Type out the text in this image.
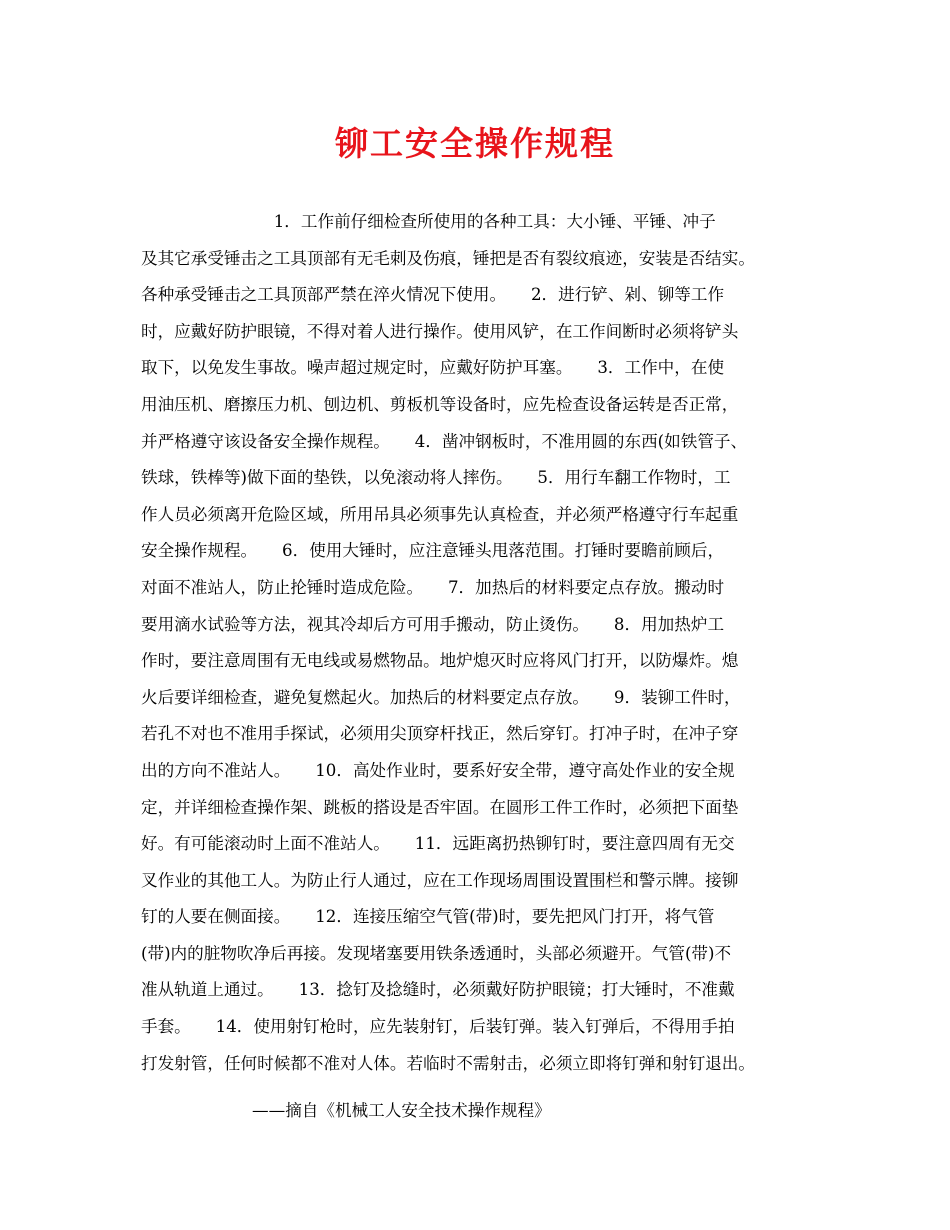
铆工安全操作规程
　　　　　　　　1．工作前仔细检查所使用的各种工具：大小锤、平锤、冲子
及其它承受锤击之工具顶部有无毛刺及伤痕，锤把是否有裂纹痕迹，安装是否结实。
各种承受锤击之工具顶部严禁在淬火情况下使用。　　2．进行铲、剁、铆等工作
时，应戴好防护眼镜，不得对着人进行操作。使用风铲，在工作间断时必须将铲头
取下，以免发生事故。噪声超过规定时，应戴好防护耳塞。　　3．工作中，在使
用油压机、磨擦压力机、刨边机、剪板机等设备时，应先检查设备运转是否正常，
并严格遵守该设备安全操作规程。　　4．凿冲钢板时，不准用圆的东西(如铁管子、
铁球，铁棒等)做下面的垫铁，以免滚动将人摔伤。　　5．用行车翻工作物时，工
作人员必须离开危险区域，所用吊具必须事先认真检查，并必须严格遵守行车起重
安全操作规程。　　6．使用大锤时，应注意锤头甩落范围。打锤时要瞻前顾后，
对面不准站人，防止抡锤时造成危险。　　7．加热后的材料要定点存放。搬动时
要用滴水试验等方法，视其冷却后方可用手搬动，防止烫伤。　　8．用加热炉工
作时，要注意周围有无电线或易燃物品。地炉熄灭时应将风门打开，以防爆炸。熄
火后要详细检查，避免复燃起火。加热后的材料要定点存放。　　9．装铆工件时，
若孔不对也不准用手探试，必须用尖顶穿杆找正，然后穿钉。打冲子时，在冲子穿
出的方向不准站人。　　10．高处作业时，要系好安全带，遵守高处作业的安全规
定，并详细检查操作架、跳板的搭设是否牢固。在圆形工件工作时，必须把下面垫
好。有可能滚动时上面不准站人。　　11．远距离扔热铆钉时，要注意四周有无交
叉作业的其他工人。为防止行人通过，应在工作现场周围设置围栏和警示牌。接铆
钉的人要在侧面接。　　12．连接压缩空气管(带)时，要先把风门打开，将气管
(带)内的脏物吹净后再接。发现堵塞要用铁条透通时，头部必须避开。气管(带)不
准从轨道上通过。　　13．捻钉及捻缝时，必须戴好防护眼镜；打大锤时，不准戴
手套。　　14．使用射钉枪时，应先装射钉，后装钉弹。装入钉弹后，不得用手拍
打发射管，任何时候都不准对人体。若临时不需射击，必须立即将钉弹和射钉退出。
——摘自《机械工人安全技术操作规程》
